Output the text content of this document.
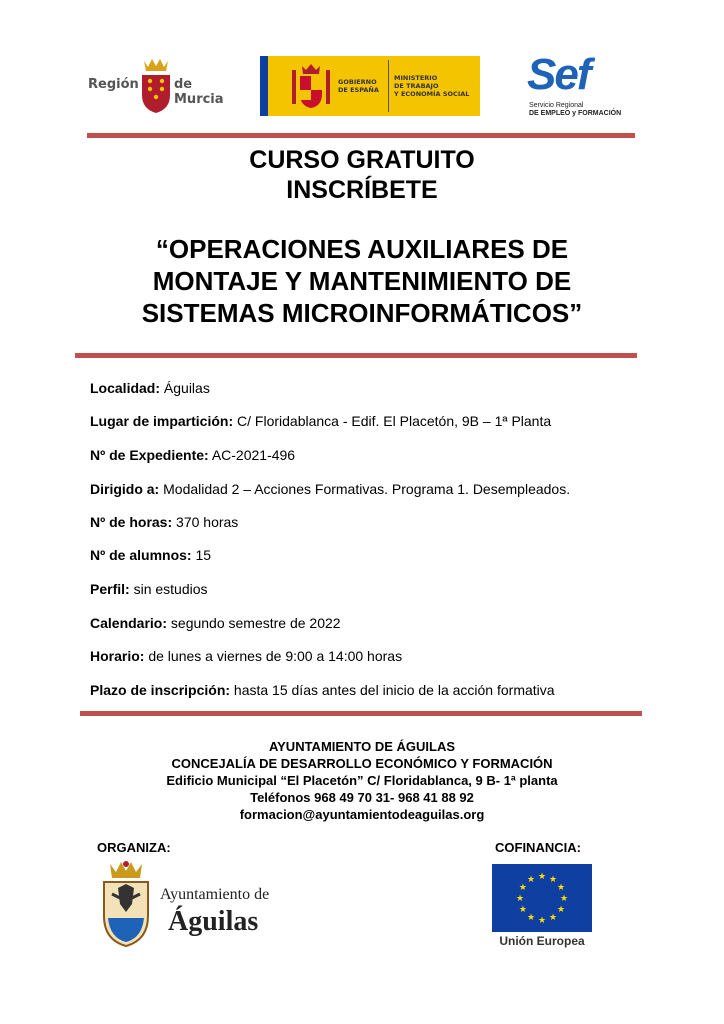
Región	de Murcia
GOBIERNO
DE ESPAÑA
MINISTERIO
DE TRABAJO
Y ECONOMÍA SOCIAL Sef
Servicio Regional
DE EMPLEO y FORMACIÓN
CURSO GRATUITO
INSCRÍBETE
“OPERACIONES AUXILIARES DE
MONTAJE Y MANTENIMIENTO DE
SISTEMAS MICROINFORMÁTICOS”
Localidad: Águilas
Lugar de impartición: C/ Floridablanca - Edif. El Placetón, 9B – 1ª Planta
Nº de Expediente: AC-2021-496
Dirigido a: Modalidad 2 – Acciones Formativas. Programa 1. Desempleados.
Nº de horas: 370 horas
Nº de alumnos: 15
Perfil: sin estudios
Calendario: segundo semestre de 2022
Horario: de lunes a viernes de 9:00 a 14:00 horas
Plazo de inscripción: hasta 15 días antes del inicio de la acción formativa
AYUNTAMIENTO DE ÁGUILAS
CONCEJALÍA DE DESARROLLO ECONÓMICO Y FORMACIÓN
Edificio Municipal “El Placetón” C/ Floridablanca, 9 B- 1ª planta
Teléfonos 968 49 70 31- 968 41 88 92
formacion@ayuntamientodeaguilas.org
ORGANIZA:	COFINANCIA:
Ayuntamiento de
Águilas
★
★
★
★
★
★
★
★
★ ★ ★
★
Unión Europea
